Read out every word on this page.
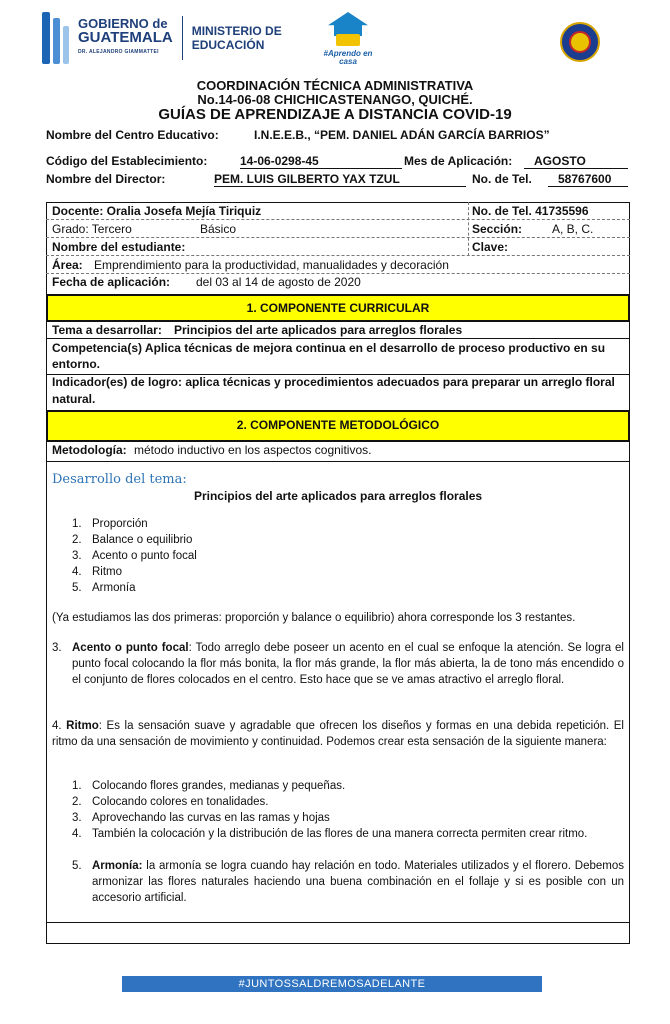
GOBIERNO de
GUATEMALA
DR. ALEJANDRO GIAMMATTEI
MINISTERIO DE
EDUCACIÓN
#Aprendo en casa
COORDINACIÓN TÉCNICA ADMINISTRATIVA
No.14-06-08 CHICHICASTENANGO, QUICHÉ.
GUÍAS DE APRENDIZAJE A DISTANCIA COVID-19
Nombre del Centro Educativo:	I.N.E.E.B., “PEM. DANIEL ADÁN GARCÍA BARRIOS”
Código del Establecimiento:	14-06-0298-45	Mes de Aplicación:	AGOSTO
Nombre del Director:	PEM. LUIS GILBERTO YAX TZUL	No. de Tel.	58767600
Docente: Oralia Josefa Mejía Tiriquiz	No. de Tel. 41735596
Grado: Tercero	Básico	Sección: A, B, C.
Nombre del estudiante:	Clave:
Área: Emprendimiento para la productividad, manualidades y decoración
Fecha de aplicación: del 03 al 14 de agosto de 2020
1. COMPONENTE CURRICULAR
Tema a desarrollar: Principios del arte aplicados para arreglos florales
Competencia(s) Aplica técnicas de mejora continua en el desarrollo de proceso productivo en su entorno.
Indicador(es) de logro: aplica técnicas y procedimientos adecuados para preparar un arreglo floral natural.
2. COMPONENTE METODOLÓGICO
Metodología: método inductivo en los aspectos cognitivos.
Desarrollo del tema:
Principios del arte aplicados para arreglos florales
1. Proporción
2. Balance o equilibrio
3. Acento o punto focal
4. Ritmo
5. Armonía
(Ya estudiamos las dos primeras: proporción y balance o equilibrio) ahora corresponde los 3 restantes.
3. Acento o punto focal: Todo arreglo debe poseer un acento en el cual se enfoque la atención. Se logra el punto focal colocando la flor más bonita, la flor más grande, la flor más abierta, la de tono más encendido o el conjunto de flores colocados en el centro. Esto hace que se ve amas atractivo el arreglo floral.
4. Ritmo: Es la sensación suave y agradable que ofrecen los diseños y formas en una debida repetición. El ritmo da una sensación de movimiento y continuidad. Podemos crear esta sensación de la siguiente manera:
1. Colocando flores grandes, medianas y pequeñas.
2. Colocando colores en tonalidades.
3. Aprovechando las curvas en las ramas y hojas
4. También la colocación y la distribución de las flores de una manera correcta permiten crear ritmo.
5. Armonía: la armonía se logra cuando hay relación en todo. Materiales utilizados y el florero. Debemos armonizar las flores naturales haciendo una buena combinación en el follaje y si es posible con un accesorio artificial.
#JUNTOSSALDREMOSADELANTE
